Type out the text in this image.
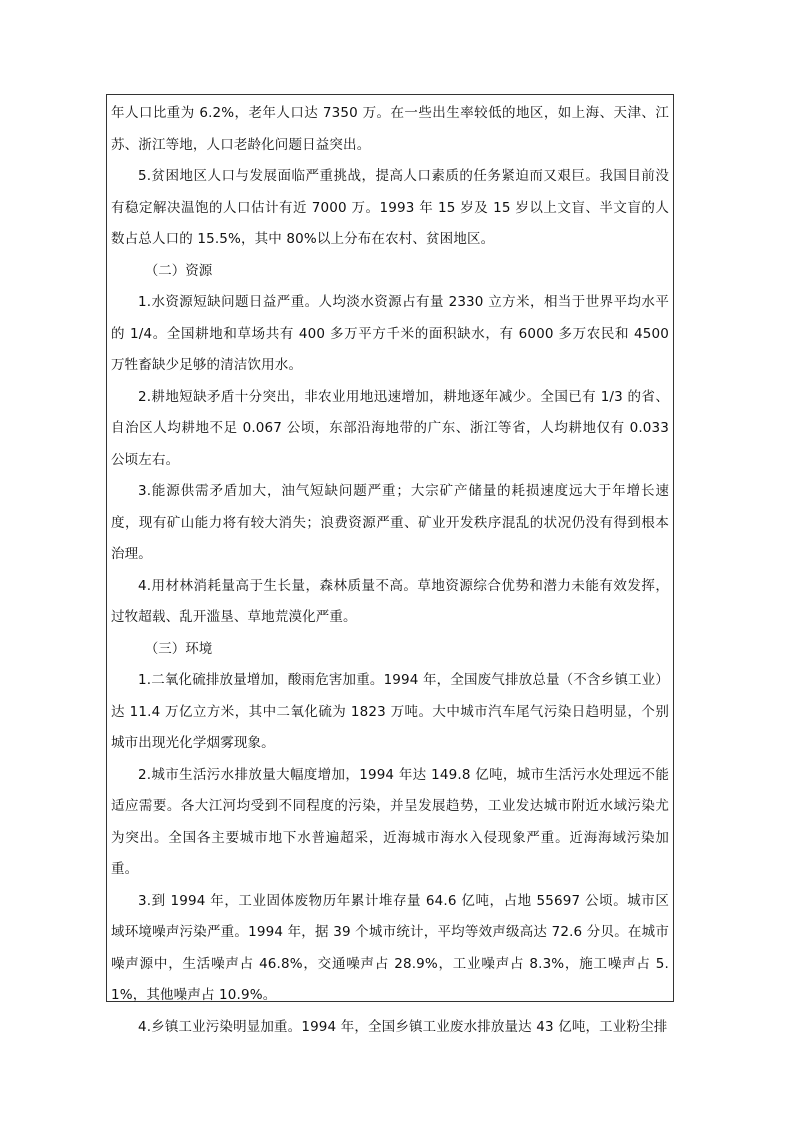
年人口比重为 6.2%，老年人口达 7350 万。在一些出生率较低的地区，如上海、天津、江苏、浙江等地，人口老龄化问题日益突出。

5.贫困地区人口与发展面临严重挑战，提高人口素质的任务紧迫而又艰巨。我国目前没有稳定解决温饱的人口估计有近 7000 万。1993 年 15 岁及 15 岁以上文盲、半文盲的人数占总人口的 15.5%，其中 80%以上分布在农村、贫困地区。

（二）资源

1.水资源短缺问题日益严重。人均淡水资源占有量 2330 立方米，相当于世界平均水平的 1/4。全国耕地和草场共有 400 多万平方千米的面积缺水，有 6000 多万农民和 4500 万牲畜缺少足够的清洁饮用水。

2.耕地短缺矛盾十分突出，非农业用地迅速增加，耕地逐年减少。全国已有 1/3 的省、自治区人均耕地不足 0.067 公顷，东部沿海地带的广东、浙江等省，人均耕地仅有 0.033 公顷左右。

3.能源供需矛盾加大，油气短缺问题严重；大宗矿产储量的耗损速度远大于年增长速度，现有矿山能力将有较大消失；浪费资源严重、矿业开发秩序混乱的状况仍没有得到根本治理。

4.用材林消耗量高于生长量，森林质量不高。草地资源综合优势和潜力未能有效发挥，过牧超载、乱开滥垦、草地荒漠化严重。

（三）环境

1.二氧化硫排放量增加，酸雨危害加重。1994 年，全国废气排放总量（不含乡镇工业）达 11.4 万亿立方米，其中二氧化硫为 1823 万吨。大中城市汽车尾气污染日趋明显，个别城市出现光化学烟雾现象。

2.城市生活污水排放量大幅度增加，1994 年达 149.8 亿吨，城市生活污水处理远不能适应需要。各大江河均受到不同程度的污染，并呈发展趋势，工业发达城市附近水域污染尤为突出。全国各主要城市地下水普遍超采，近海城市海水入侵现象严重。近海海域污染加重。

3.到 1994 年，工业固体废物历年累计堆存量 64.6 亿吨，占地 55697 公顷。城市区域环境噪声污染严重。1994 年，据 39 个城市统计，平均等效声级高达 72.6 分贝。在城市噪声源中，生活噪声占 46.8%，交通噪声占 28.9%，工业噪声占 8.3%，施工噪声占 5.1%，其他噪声占 10.9%。

4.乡镇工业污染明显加重。1994 年，全国乡镇工业废水排放量达 43 亿吨，工业粉尘排
